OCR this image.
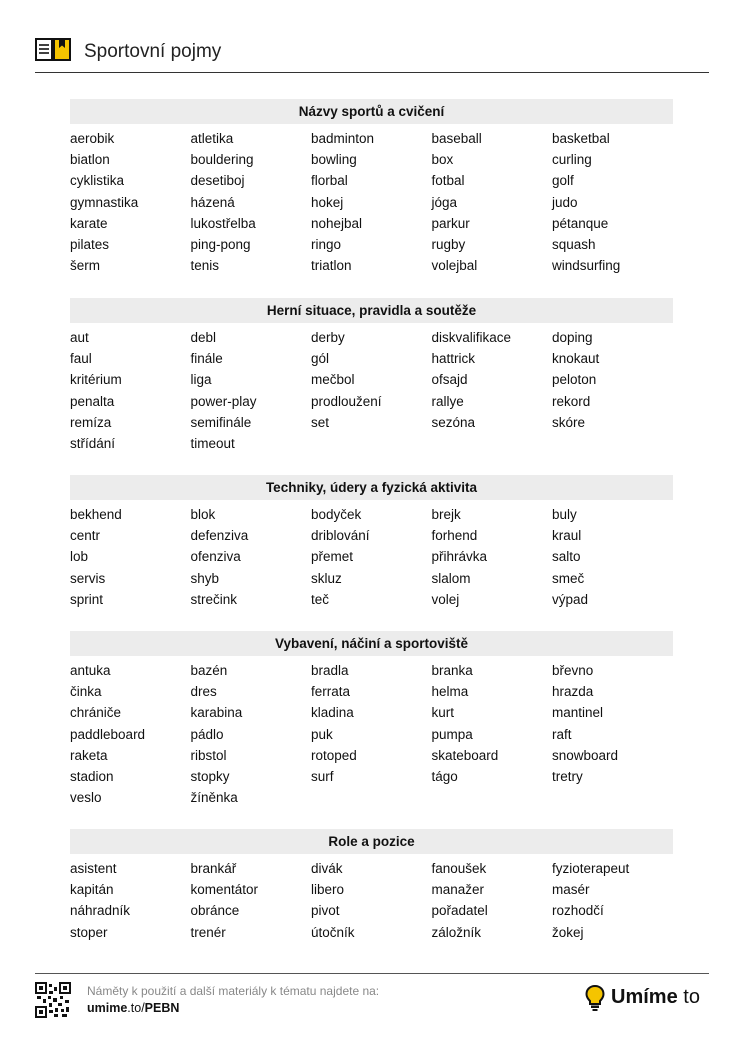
Sportovní pojmy
Názvy sportů a cvičení
aerobik	atletika	badminton	baseball	basketbal
biatlon	bouldering	bowling	box	curling
cyklistika	desetiboj	florbal	fotbal	golf
gymnastika	házená	hokej	jóga	judo
karate	lukostřelba	nohejbal	parkur	pétanque
pilates	ping-pong	ringo	rugby	squash
šerm	tenis	triatlon	volejbal	windsurfing
Herní situace, pravidla a soutěže
aut	debl	derby	diskvalifikace	doping
faul	finále	gól	hattrick	knokaut
kritérium	liga	mečbol	ofsajd	peloton
penalta	power-play	prodloužení	rallye	rekord
remíza	semifinále	set	sezóna	skóre
střídání	timeout
Techniky, údery a fyzická aktivita
bekhend	blok	bodyček	brejk	buly
centr	defenziva	driblování	forhend	kraul
lob	ofenziva	přemet	přihrávka	salto
servis	shyb	skluz	slalom	smeč
sprint	strečink	teč	volej	výpad
Vybavení, náčiní a sportoviště
antuka	bazén	bradla	branka	břevno
činka	dres	ferrata	helma	hrazda
chrániče	karabina	kladina	kurt	mantinel
paddleboard	pádlo	puk	pumpa	raft
raketa	ribstol	rotoped	skateboard	snowboard
stadion	stopky	surf	tágo	tretry
veslo	žíněnka
Role a pozice
asistent	brankář	divák	fanoušek	fyzioterapeut
kapitán	komentátor	libero	manažer	masér
náhradník	obránce	pivot	pořadatel	rozhodčí
stoper	trenér	útočník	záložník	žokej
Náměty k použití a další materiály k tématu najdete na:
umime.to/PEBN	Umíme to
